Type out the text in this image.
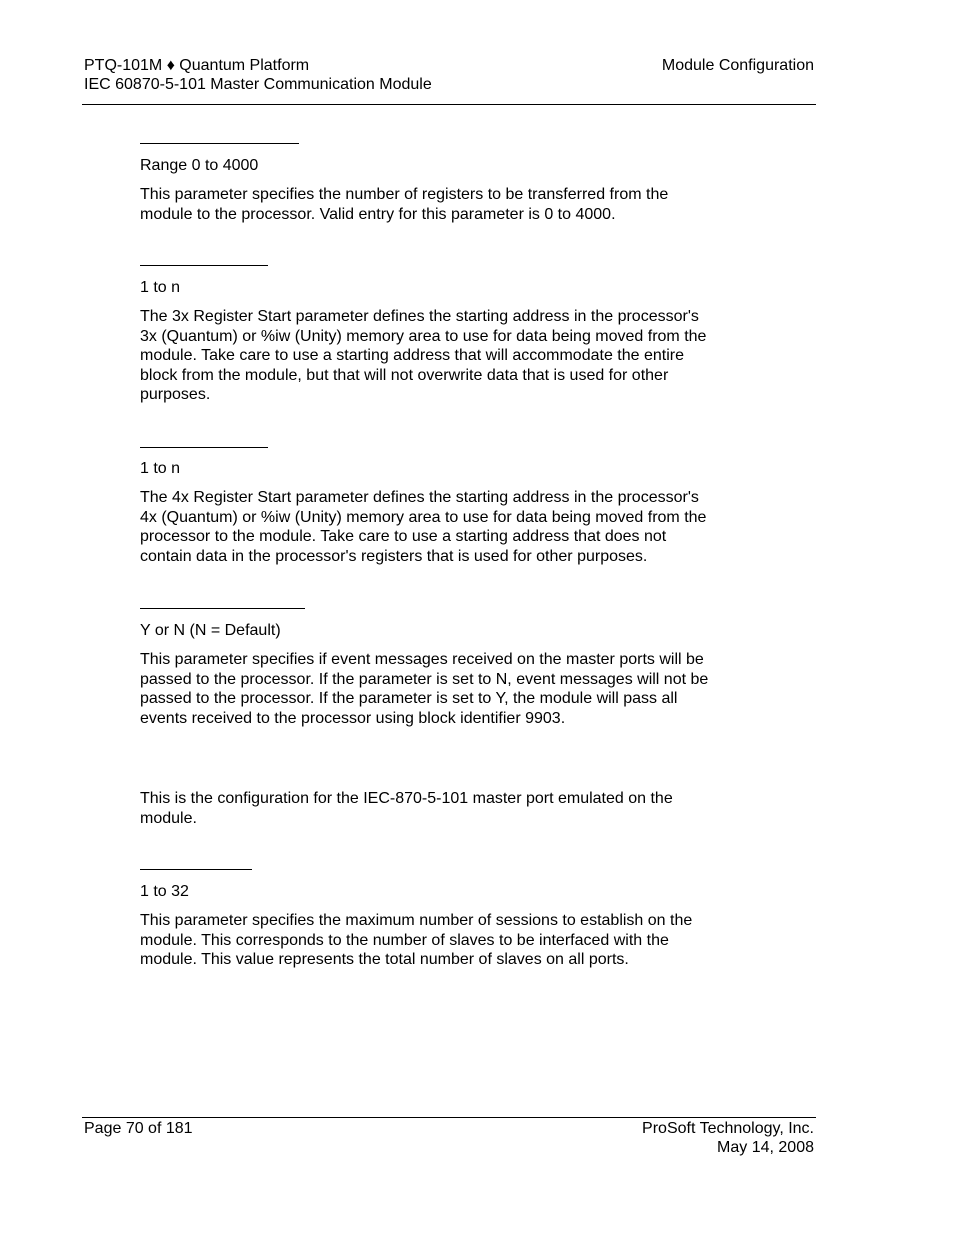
PTQ-101M ♦ Quantum Platform
IEC 60870-5-101 Master Communication Module
Module Configuration
Range 0 to 4000
This parameter specifies the number of registers to be transferred from the
module to the processor. Valid entry for this parameter is 0 to 4000.
1 to n
The 3x Register Start parameter defines the starting address in the processor's
3x (Quantum) or %iw (Unity) memory area to use for data being moved from the
module. Take care to use a starting address that will accommodate the entire
block from the module, but that will not overwrite data that is used for other
purposes.
1 to n
The 4x Register Start parameter defines the starting address in the processor's
4x (Quantum) or %iw (Unity) memory area to use for data being moved from the
processor to the module. Take care to use a starting address that does not
contain data in the processor's registers that is used for other purposes.
Y or N (N = Default)
This parameter specifies if event messages received on the master ports will be
passed to the processor. If the parameter is set to N, event messages will not be
passed to the processor. If the parameter is set to Y, the module will pass all
events received to the processor using block identifier 9903.
This is the configuration for the IEC-870-5-101 master port emulated on the
module.
1 to 32
This parameter specifies the maximum number of sessions to establish on the
module. This corresponds to the number of slaves to be interfaced with the
module. This value represents the total number of slaves on all ports.
Page 70 of 181	ProSoft Technology, Inc.
May 14, 2008
